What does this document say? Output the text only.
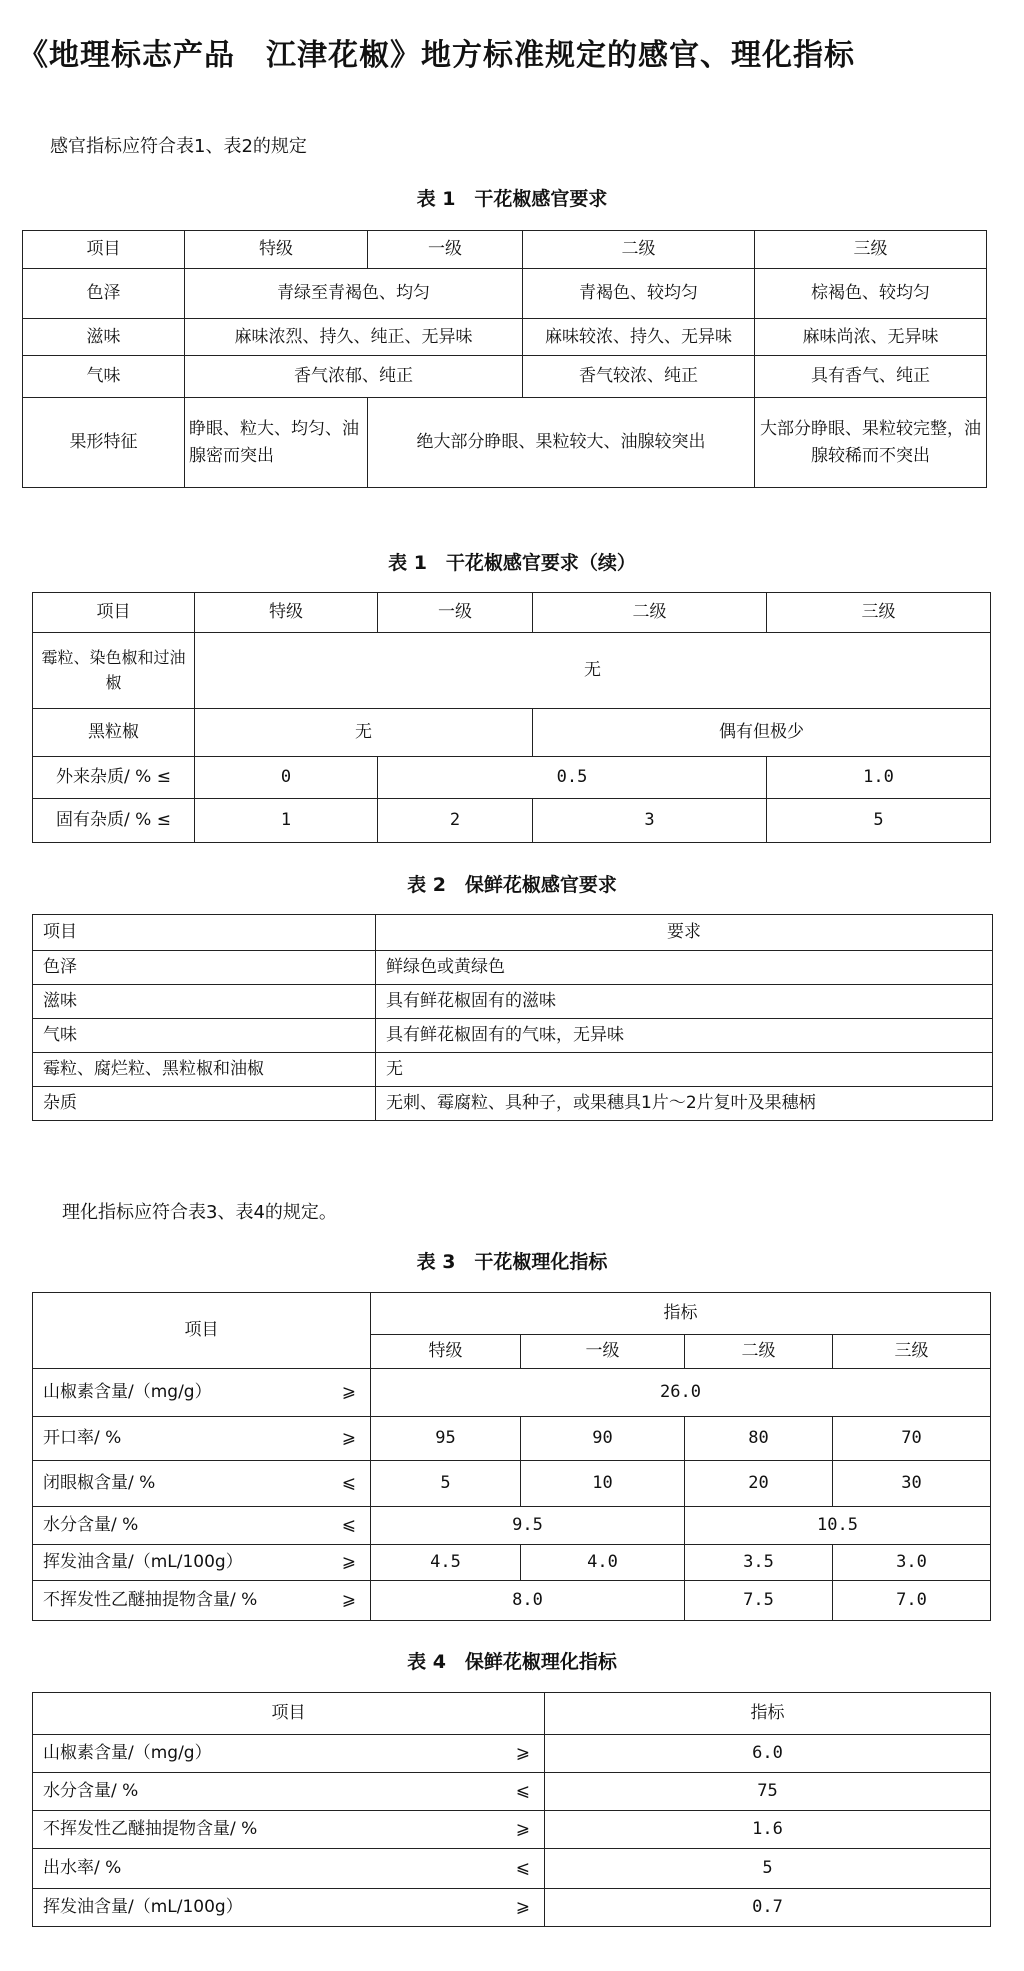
《地理标志产品　江津花椒》地方标准规定的感官、理化指标
感官指标应符合表1、表2的规定
表 1　干花椒感官要求
项目	特级	一级	二级	三级
色泽	青绿至青褐色、均匀		青褐色、较均匀	棕褐色、较均匀
滋味	麻味浓烈、持久、纯正、无异味		麻味较浓、持久、无异味	麻味尚浓、无异味
气味	香气浓郁、纯正		香气较浓、纯正	具有香气、纯正
果形特征	睁眼、粒大、均匀、油腺密而突出	绝大部分睁眼、果粒较大、油腺较突出		大部分睁眼、果粒较完整，油腺较稀而不突出
表 1　干花椒感官要求（续）
项目	特级	一级	二级	三级
霉粒、染色椒和过油椒	无			
黑粒椒	无		偶有但极少	
外来杂质/ % ≤	0	0.5		1.0
固有杂质/ % ≤	1	2	3	5
表 2　保鲜花椒感官要求
项目	要求
色泽	鲜绿色或黄绿色
滋味	具有鲜花椒固有的滋味
气味	具有鲜花椒固有的气味，无异味
霉粒、腐烂粒、黑粒椒和油椒	无
杂质	无刺、霉腐粒、具种子，或果穗具1片～2片复叶及果穗柄
理化指标应符合表3、表4的规定。
表 3　干花椒理化指标
项目	指标			
	特级	一级	二级	三级
山椒素含量/（mg/g） ⩾	26.0			
开口率/ % ⩾	95	90	80	70
闭眼椒含量/ % ⩽	5	10	20	30
水分含量/ % ⩽	9.5		10.5	
挥发油含量/（mL/100g） ⩾	4.5	4.0	3.5	3.0
不挥发性乙醚抽提物含量/ % ⩾	8.0		7.5	7.0
表 4　保鲜花椒理化指标
项目	指标
山椒素含量/（mg/g） ⩾	6.0
水分含量/ % ⩽	75
不挥发性乙醚抽提物含量/ % ⩾	1.6
出水率/ % ⩽	5
挥发油含量/（mL/100g） ⩾	0.7
